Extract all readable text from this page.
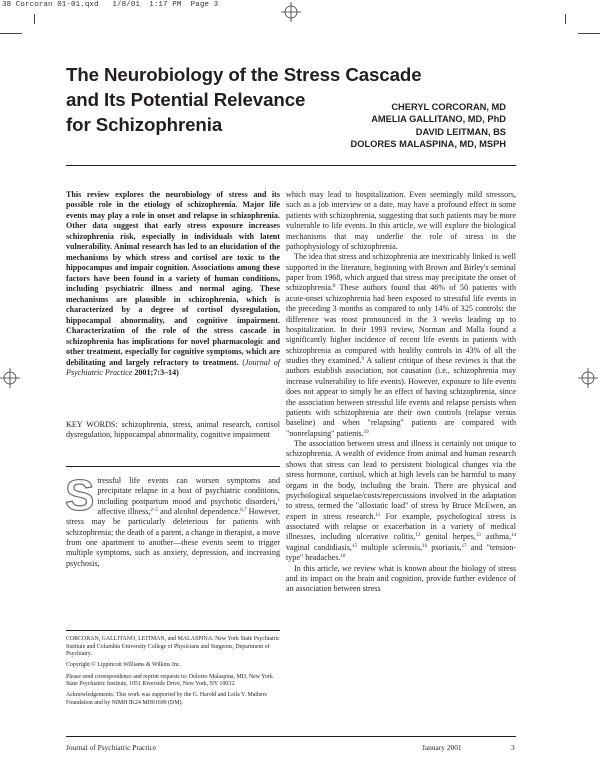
38 Corcoran 01-01.qxd   1/8/01  1:17 PM  Page 3
The Neurobiology of the Stress Cascade
and Its Potential Relevance
for Schizophrenia
CHERYL CORCORAN, MD
AMELIA GALLITANO, MD, PhD
DAVID LEITMAN, BS
DOLORES MALASPINA, MD, MSPH

This review explores the neurobiology of stress and its possible role in the etiology of schizophrenia. Major life events may play a role in onset and relapse in schizophrenia. Other data suggest that early stress exposure increases schizophrenia risk, especially in individuals with latent vulnerability. Animal research has led to an elucidation of the mechanisms by which stress and cortisol are toxic to the hippocampus and impair cognition. Associations among these factors have been found in a variety of human conditions, including psychiatric illness and normal aging. These mechanisms are plausible in schizophrenia, which is characterized by a degree of cortisol dysregulation, hippocampal abnormality, and cognitive impairment. Characterization of the role of the stress cascade in schizophrenia has implications for novel pharmacologic and other treatment, especially for cognitive symptoms, which are debilitating and largely refractory to treatment. (Journal of Psychiatric Practice 2001;7:3–14)

KEY WORDS: schizophrenia, stress, animal research, cortisol dysregulation, hippocampal abnormality, cognitive impairment

S tressful life events can worsen symptoms and precipitate relapse in a host of psychiatric conditions, including postpartum mood and psychotic disorders,$^1$ affective illness,$^{2-5}$ and alcohol dependence.$^{6,7}$ However, stress may be particularly deleterious for patients with schizophrenia; the death of a parent, a change in therapist, a move from one apartment to another—these events seem to trigger multiple symptoms, such as anxiety, depression, and increasing psychosis,

CORCORAN, GALLITANO, LEITMAN, and MALASPINA: New York State Psychiatric Institute and Columbia University College of Physicians and Surgeons, Department of Psychiatry.

Copyright © Lippincott Williams & Wilkins Inc.

Please send correspondence and reprint requests to: Dolores Malaspina, MD, New York State Psychiatric Institute, 1051 Riverside Drive, New York, NY 10032.

Acknowledgements: This work was supported by the G. Harold and Leila Y. Mathers Foundation and by NIMH IK24 MH01699 (DM).

which may lead to hospitalization. Even seemingly mild stressors, such as a job interview or a date, may have a profound effect in some patients with schizophrenia, suggesting that such patients may be more vulnerable to life events. In this article, we will explore the biological mechanisms that may underlie the role of stress in the pathophysiology of schizophrenia.

The idea that stress and schizophrenia are inextricably linked is well supported in the literature, beginning with Brown and Birley's seminal paper from 1968, which argued that stress may precipitate the onset of schizophrenia.$^8$ These authors found that 46% of 50 patients with acute-onset schizophrenia had been exposed to stressful life events in the preceding 3 months as compared to only 14% of 325 controls: the difference was most pronounced in the 3 weeks leading up to hospitalization. In their 1993 review, Norman and Malla found a significantly higher incidence of recent life events in patients with schizophrenia as compared with healthy controls in 43% of all the studies they examined.$^9$ A salient critique of these reviews is that the authors establish association, not causation (i.e., schizophrenia may increase vulnerability to life events). However, exposure to life events does not appear to simply be an effect of having schizophrenia, since the association between stressful life events and relapse persists when patients with schizophrenia are their own controls (relapse versus baseline) and when "relapsing" patients are compared with "nonrelapsing" patients.$^{10}$

The association between stress and illness is certainly not unique to schizophrenia. A wealth of evidence from animal and human research shows that stress can lead to persistent biological changes via the stress hormone, cortisol, which at high levels can be harmful to many organs in the body, including the brain. There are physical and psychological sequelae/costs/repercussions involved in the adaptation to stress, termed the "allostatic load" of stress by Bruce McEwen, an expert in stress research.$^{11}$ For example, psychological stress is associated with relapse or exacerbation in a variety of medical illnesses, including ulcerative colitis,$^{12}$ genital herpes,$^{13}$ asthma,$^{14}$ vaginal candidiasis,$^{15}$ multiple sclerosis,$^{16}$ psoriasis,$^{17}$ and "tension-type" headaches.$^{18}$

In this article, we review what is known about the biology of stress and its impact on the brain and cognition, provide further evidence of an association between stress

Journal of Psychiatric Practice	January 2001	3
